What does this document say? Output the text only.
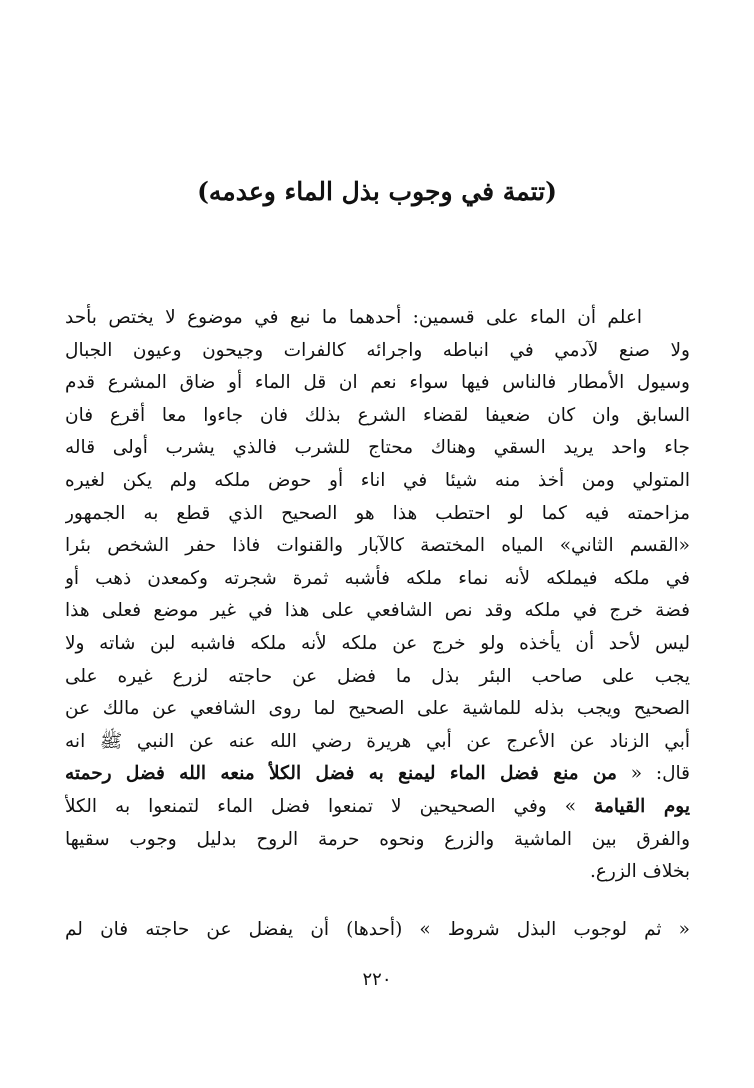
(تتمة في وجوب بذل الماء وعدمه)
اعلم أن الماء على قسمين: أحدهما ما نبع في موضوع لا يختص بأحد
ولا صنع لآدمي في انباطه واجرائه كالفرات وجيحون وعيون الجبال
وسيول الأمطار فالناس فيها سواء نعم ان قل الماء أو ضاق المشرع قدم
السابق وان كان ضعيفا لقضاء الشرع بذلك فان جاءوا معا أقرع فان
جاء واحد يريد السقي وهناك محتاج للشرب فالذي يشرب أولى قاله
المتولي ومن أخذ منه شيئا في اناء أو حوض ملكه ولم يكن لغيره
مزاحمته فيه كما لو احتطب هذا هو الصحيح الذي قطع به الجمهور
«القسم الثاني» المياه المختصة كالآبار والقنوات فاذا حفر الشخص بئرا
في ملكه فيملكه لأنه نماء ملكه فأشبه ثمرة شجرته وكمعدن ذهب أو
فضة خرج في ملكه وقد نص الشافعي على هذا في غير موضع فعلى هذا
ليس لأحد أن يأخذه ولو خرج عن ملكه لأنه ملكه فاشبه لبن شاته ولا
يجب على صاحب البئر بذل ما فضل عن حاجته لزرع غيره على
الصحيح ويجب بذله للماشية على الصحيح لما روى الشافعي عن مالك عن
أبي الزناد عن الأعرج عن أبي هريرة رضي الله عنه عن النبي ﷺ انه
قال: « من منع فضل الماء ليمنع به فضل الكلأ منعه الله فضل رحمته
يوم القيامة » وفي الصحيحين لا تمنعوا فضل الماء لتمنعوا به الكلأ
والفرق بين الماشية والزرع ونحوه حرمة الروح بدليل وجوب سقيها
بخلاف الزرع.
« ثم لوجوب البذل شروط » (أحدها) أن يفضل عن حاجته فان لم
٢٢٠
